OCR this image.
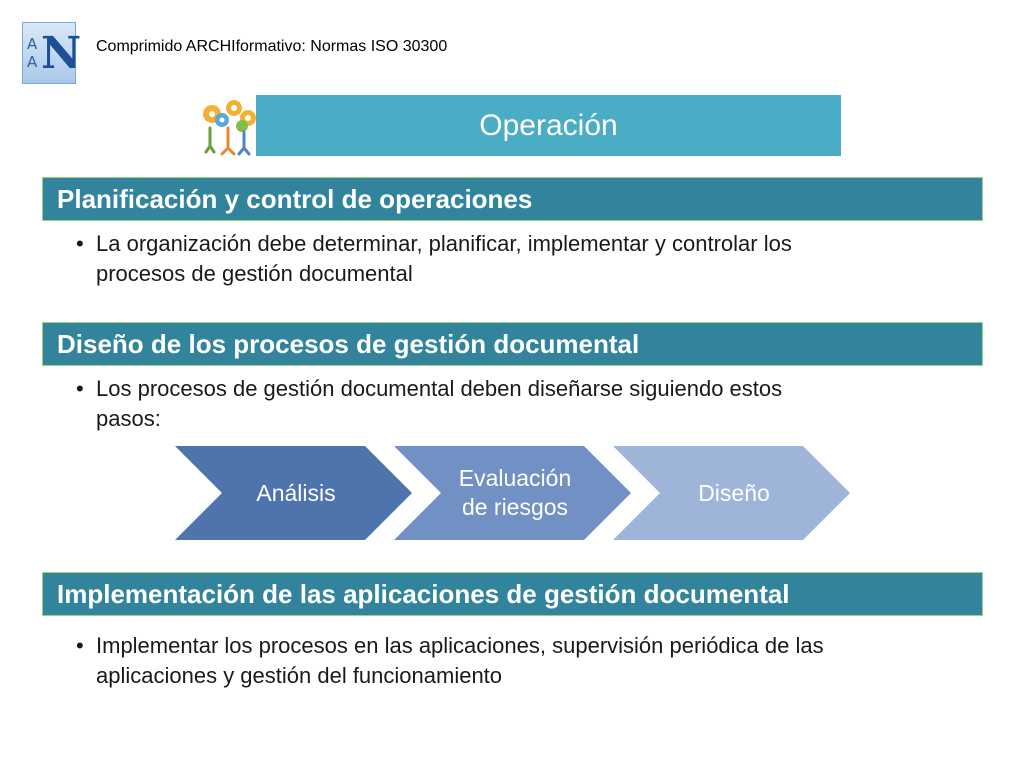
A
A N Comprimido ARCHIformativo: Normas ISO 30300
Operación
Planificación y control de operaciones
• La organización debe determinar, planificar, implementar y controlar los
procesos de gestión documental
Diseño de los procesos de gestión documental
• Los procesos de gestión documental deben diseñarse siguiendo estos
pasos:
Análisis
Evaluación
de riesgos
Diseño
Implementación de las aplicaciones de gestión documental
• Implementar los procesos en las aplicaciones, supervisión periódica de las
aplicaciones y gestión del funcionamiento
